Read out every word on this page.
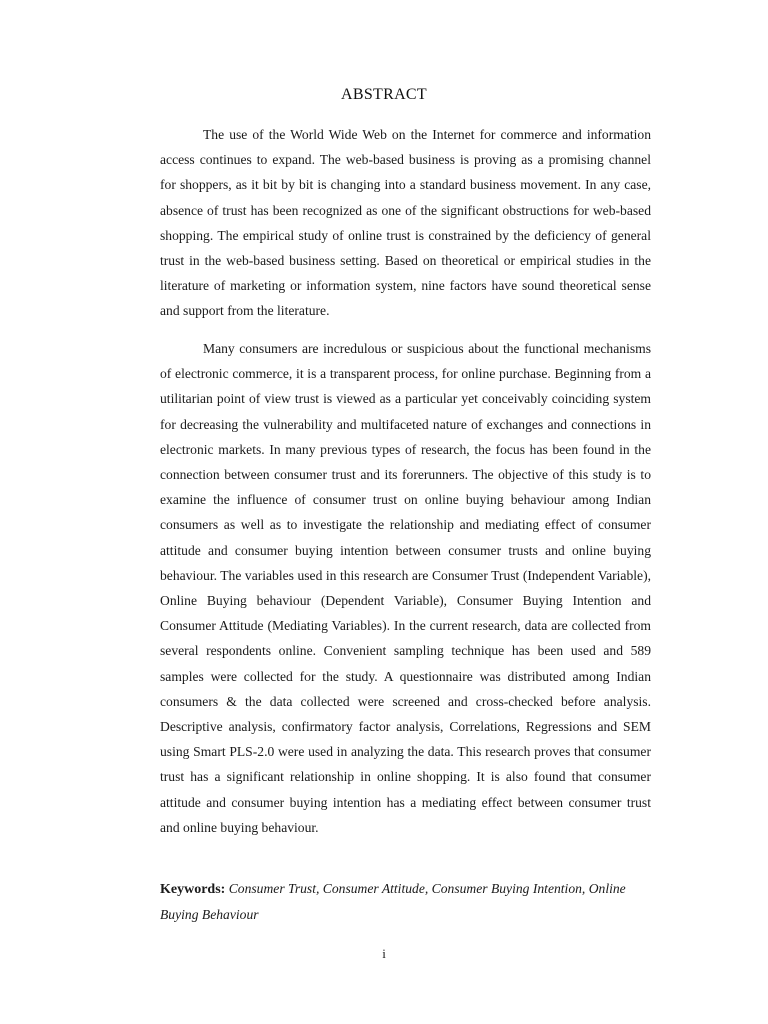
ABSTRACT

The use of the World Wide Web on the Internet for commerce and information access continues to expand. The web-based business is proving as a promising channel for shoppers, as it bit by bit is changing into a standard business movement. In any case, absence of trust has been recognized as one of the significant obstructions for web-based shopping. The empirical study of online trust is constrained by the deficiency of general trust in the web-based business setting. Based on theoretical or empirical studies in the literature of marketing or information system, nine factors have sound theoretical sense and support from the literature.

Many consumers are incredulous or suspicious about the functional mechanisms of electronic commerce, it is a transparent process, for online purchase. Beginning from a utilitarian point of view trust is viewed as a particular yet conceivably coinciding system for decreasing the vulnerability and multifaceted nature of exchanges and connections in electronic markets. In many previous types of research, the focus has been found in the connection between consumer trust and its forerunners. The objective of this study is to examine the influence of consumer trust on online buying behaviour among Indian consumers as well as to investigate the relationship and mediating effect of consumer attitude and consumer buying intention between consumer trusts and online buying behaviour. The variables used in this research are Consumer Trust (Independent Variable), Online Buying behaviour (Dependent Variable), Consumer Buying Intention and Consumer Attitude (Mediating Variables). In the current research, data are collected from several respondents online. Convenient sampling technique has been used and 589 samples were collected for the study. A questionnaire was distributed among Indian consumers & the data collected were screened and cross-checked before analysis. Descriptive analysis, confirmatory factor analysis, Correlations, Regressions and SEM using Smart PLS-2.0 were used in analyzing the data. This research proves that consumer trust has a significant relationship in online shopping. It is also found that consumer attitude and consumer buying intention has a mediating effect between consumer trust and online buying behaviour.

Keywords: Consumer Trust, Consumer Attitude, Consumer Buying Intention, Online Buying Behaviour
i
